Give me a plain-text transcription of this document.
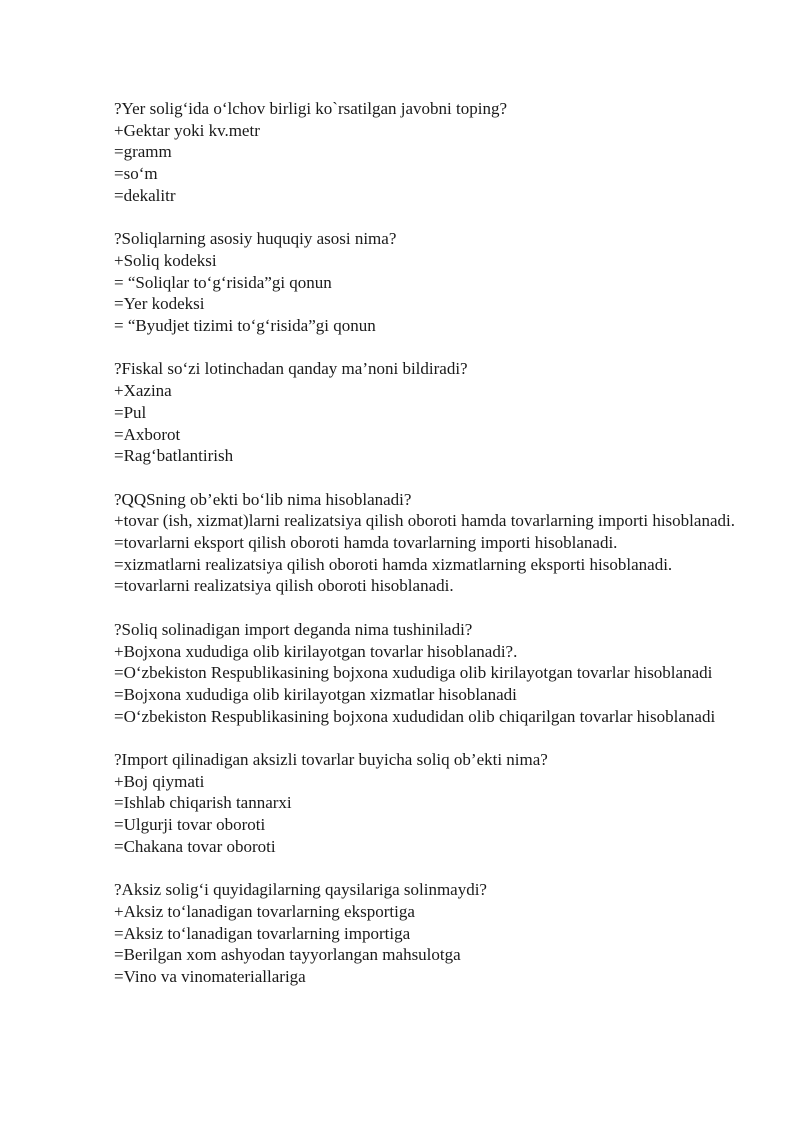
?Yer solig‘ida o‘lchov birligi ko`rsatilgan javobni toping?
+Gektar yoki kv.metr
=gramm
=so‘m
=dekalitr
?Soliqlarning asosiy huquqiy asosi nima?
+Soliq kodeksi
= “Soliqlar to‘g‘risida”gi qonun
=Yer kodeksi
= “Byudjet tizimi to‘g‘risida”gi qonun
?Fiskal so‘zi lotinchadan qanday ma’noni bildiradi?
+Xazina
=Pul
=Axborot
=Rag‘batlantirish
?QQSning ob’ekti bo‘lib nima hisoblanadi?
+tovar (ish, xizmat)larni realizatsiya qilish oboroti hamda tovarlarning importi hisoblanadi.
=tovarlarni eksport qilish oboroti hamda tovarlarning importi hisoblanadi.
=xizmatlarni realizatsiya qilish oboroti hamda xizmatlarning eksporti hisoblanadi.
=tovarlarni realizatsiya qilish oboroti hisoblanadi.
?Soliq solinadigan import deganda nima tushiniladi?
+Bojxona xududiga olib kirilayotgan tovarlar hisoblanadi?.
=O‘zbekiston Respublikasining bojxona xududiga olib kirilayotgan tovarlar hisoblanadi
=Bojxona xududiga olib kirilayotgan xizmatlar hisoblanadi
=O‘zbekiston Respublikasining bojxona xududidan olib chiqarilgan tovarlar hisoblanadi
?Import qilinadigan aksizli tovarlar buyicha soliq ob’ekti nima?
+Boj qiymati
=Ishlab chiqarish tannarxi
=Ulgurji tovar oboroti
=Chakana tovar oboroti
?Aksiz solig‘i quyidagilarning qaysilariga solinmaydi?
+Aksiz to‘lanadigan tovarlarning eksportiga
=Aksiz to‘lanadigan tovarlarning importiga
=Berilgan xom ashyodan tayyorlangan mahsulotga
=Vino va vinomateriallariga
